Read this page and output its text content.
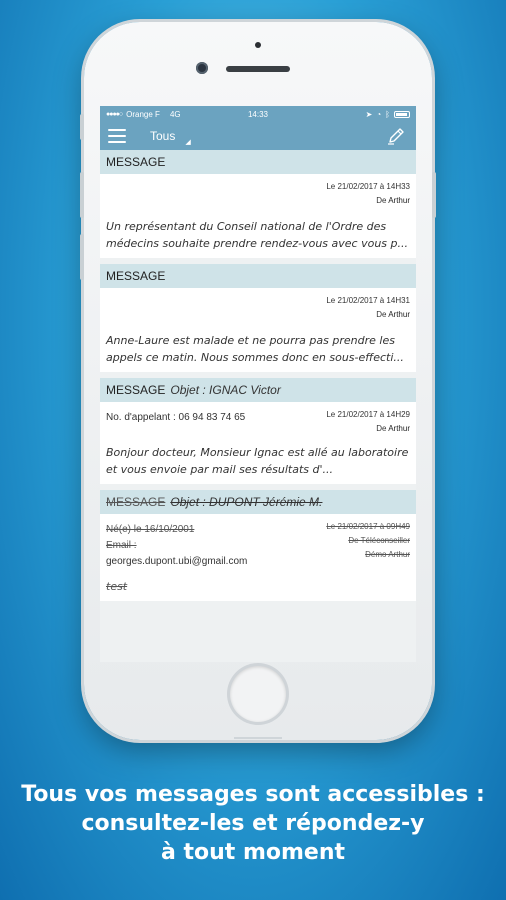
●●●●○ Orange F 4G	14:33	➤ ◔ ᛒ
Tous ◢
MESSAGE
Le 21/02/2017 à 14H33
De Arthur
Un représentant du Conseil national de l'Ordre des médecins souhaite prendre rendez-vous avec vous p...
MESSAGE
Le 21/02/2017 à 14H31
De Arthur
Anne-Laure est malade et ne pourra pas prendre les appels ce matin. Nous sommes donc en sous-effecti...
MESSAGE Objet : IGNAC Victor
No. d'appelant : 06 94 83 74 65	Le 21/02/2017 à 14H29
De Arthur
Bonjour docteur, Monsieur Ignac est allé au laboratoire et vous envoie par mail ses résultats d'...
MESSAGE Objet : DUPONT Jérémie M.
Né(e) le 16/10/2001
Email :
georges.dupont.ubi@gmail.com
Le 21/02/2017 à 09H49
De Téléconseiller
Démo Arthur
test
Tous vos messages sont accessibles :
consultez-les et répondez-y
à tout moment
